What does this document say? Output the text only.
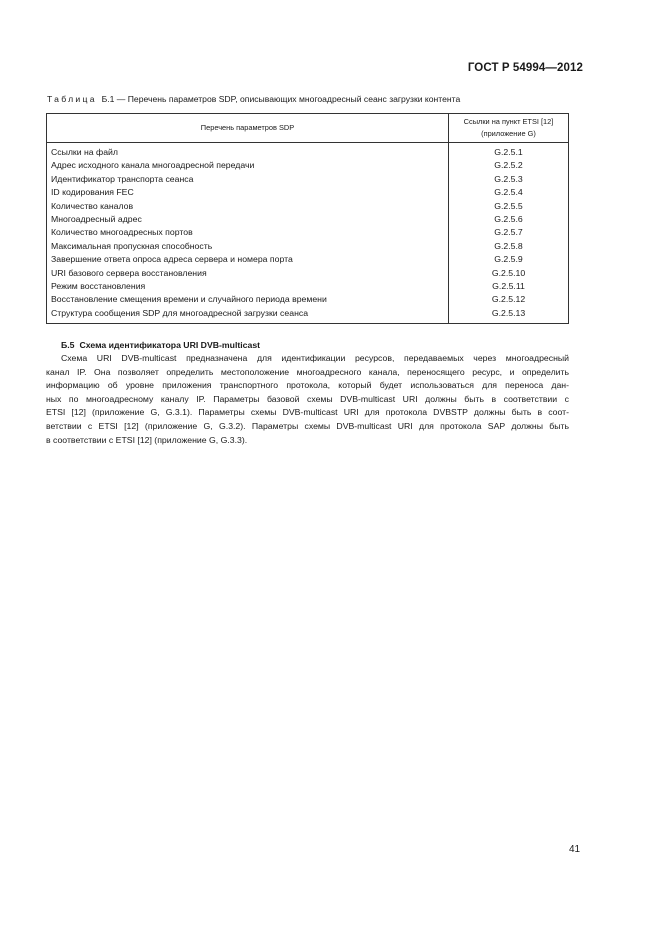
ГОСТ Р 54994—2012
Таблица Б.1 — Перечень параметров SDP, описывающих многоадресный сеанс загрузки контента
Перечень параметров SDP	Ссылки на пункт ETSI [12]
(приложение G)
Ссылки на файл	G.2.5.1
Адрес исходного канала многоадресной передачи	G.2.5.2
Идентификатор транспорта сеанса	G.2.5.3
ID кодирования FEC	G.2.5.4
Количество каналов	G.2.5.5
Многоадресный адрес	G.2.5.6
Количество многоадресных портов	G.2.5.7
Максимальная пропускная способность	G.2.5.8
Завершение ответа опроса адреса сервера и номера порта	G.2.5.9
URI базового сервера восстановления	G.2.5.10
Режим восстановления	G.2.5.11
Восстановление смещения времени и случайного периода времени	G.2.5.12
Структура сообщения SDP для многоадресной загрузки сеанса	G.2.5.13
Б.5 Схема идентификатора URI DVB-multicast
Схема URI DVB-multicast предназначена для идентификации ресурсов, передаваемых через многоадресный
канал IP. Она позволяет определить местоположение многоадресного канала, переносящего ресурс, и определить
информацию об уровне приложения транспортного протокола, который будет использоваться для переноса дан-
ных по многоадресному каналу IP. Параметры базовой схемы DVB-multicast URI должны быть в соответствии с
ETSI [12] (приложение G, G.3.1). Параметры схемы DVB-multicast URI для протокола DVBSTP должны быть в соот-
ветствии с ETSI [12] (приложение G, G.3.2). Параметры схемы DVB-multicast URI для протокола SAP должны быть
в соответствии с ETSI [12] (приложение G, G.3.3).
41
